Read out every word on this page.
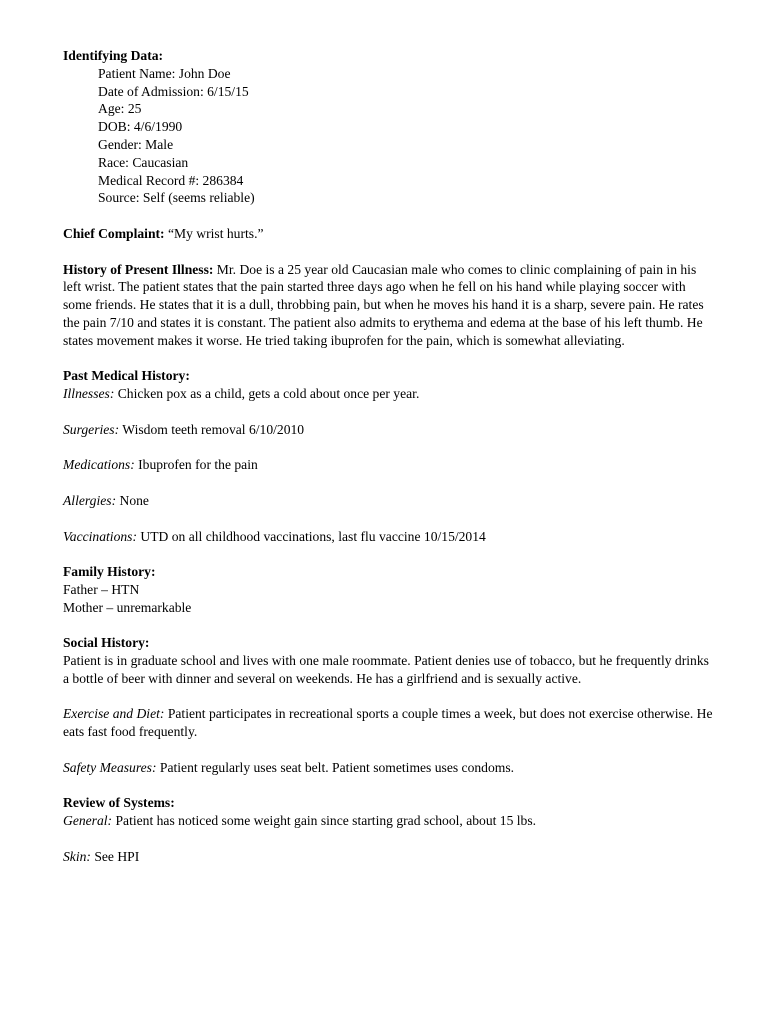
Identifying Data:

Patient Name: John Doe

Date of Admission: 6/15/15

Age: 25

DOB: 4/6/1990

Gender: Male

Race: Caucasian

Medical Record #: 286384

Source: Self (seems reliable)

Chief Complaint: “My wrist hurts.”

History of Present Illness: Mr. Doe is a 25 year old Caucasian male who comes to clinic complaining of pain in his left wrist. The patient states that the pain started three days ago when he fell on his hand while playing soccer with some friends. He states that it is a dull, throbbing pain, but when he moves his hand it is a sharp, severe pain. He rates the pain 7/10 and states it is constant. The patient also admits to erythema and edema at the base of his left thumb. He states movement makes it worse. He tried taking ibuprofen for the pain, which is somewhat alleviating.

Past Medical History:

Illnesses: Chicken pox as a child, gets a cold about once per year.

Surgeries: Wisdom teeth removal 6/10/2010

Medications: Ibuprofen for the pain

Allergies: None

Vaccinations: UTD on all childhood vaccinations, last flu vaccine 10/15/2014

Family History:

Father – HTN

Mother – unremarkable

Social History:

Patient is in graduate school and lives with one male roommate. Patient denies use of tobacco, but he frequently drinks a bottle of beer with dinner and several on weekends. He has a girlfriend and is sexually active.

Exercise and Diet: Patient participates in recreational sports a couple times a week, but does not exercise otherwise. He eats fast food frequently.

Safety Measures: Patient regularly uses seat belt. Patient sometimes uses condoms.

Review of Systems:

General: Patient has noticed some weight gain since starting grad school, about 15 lbs.

Skin: See HPI
